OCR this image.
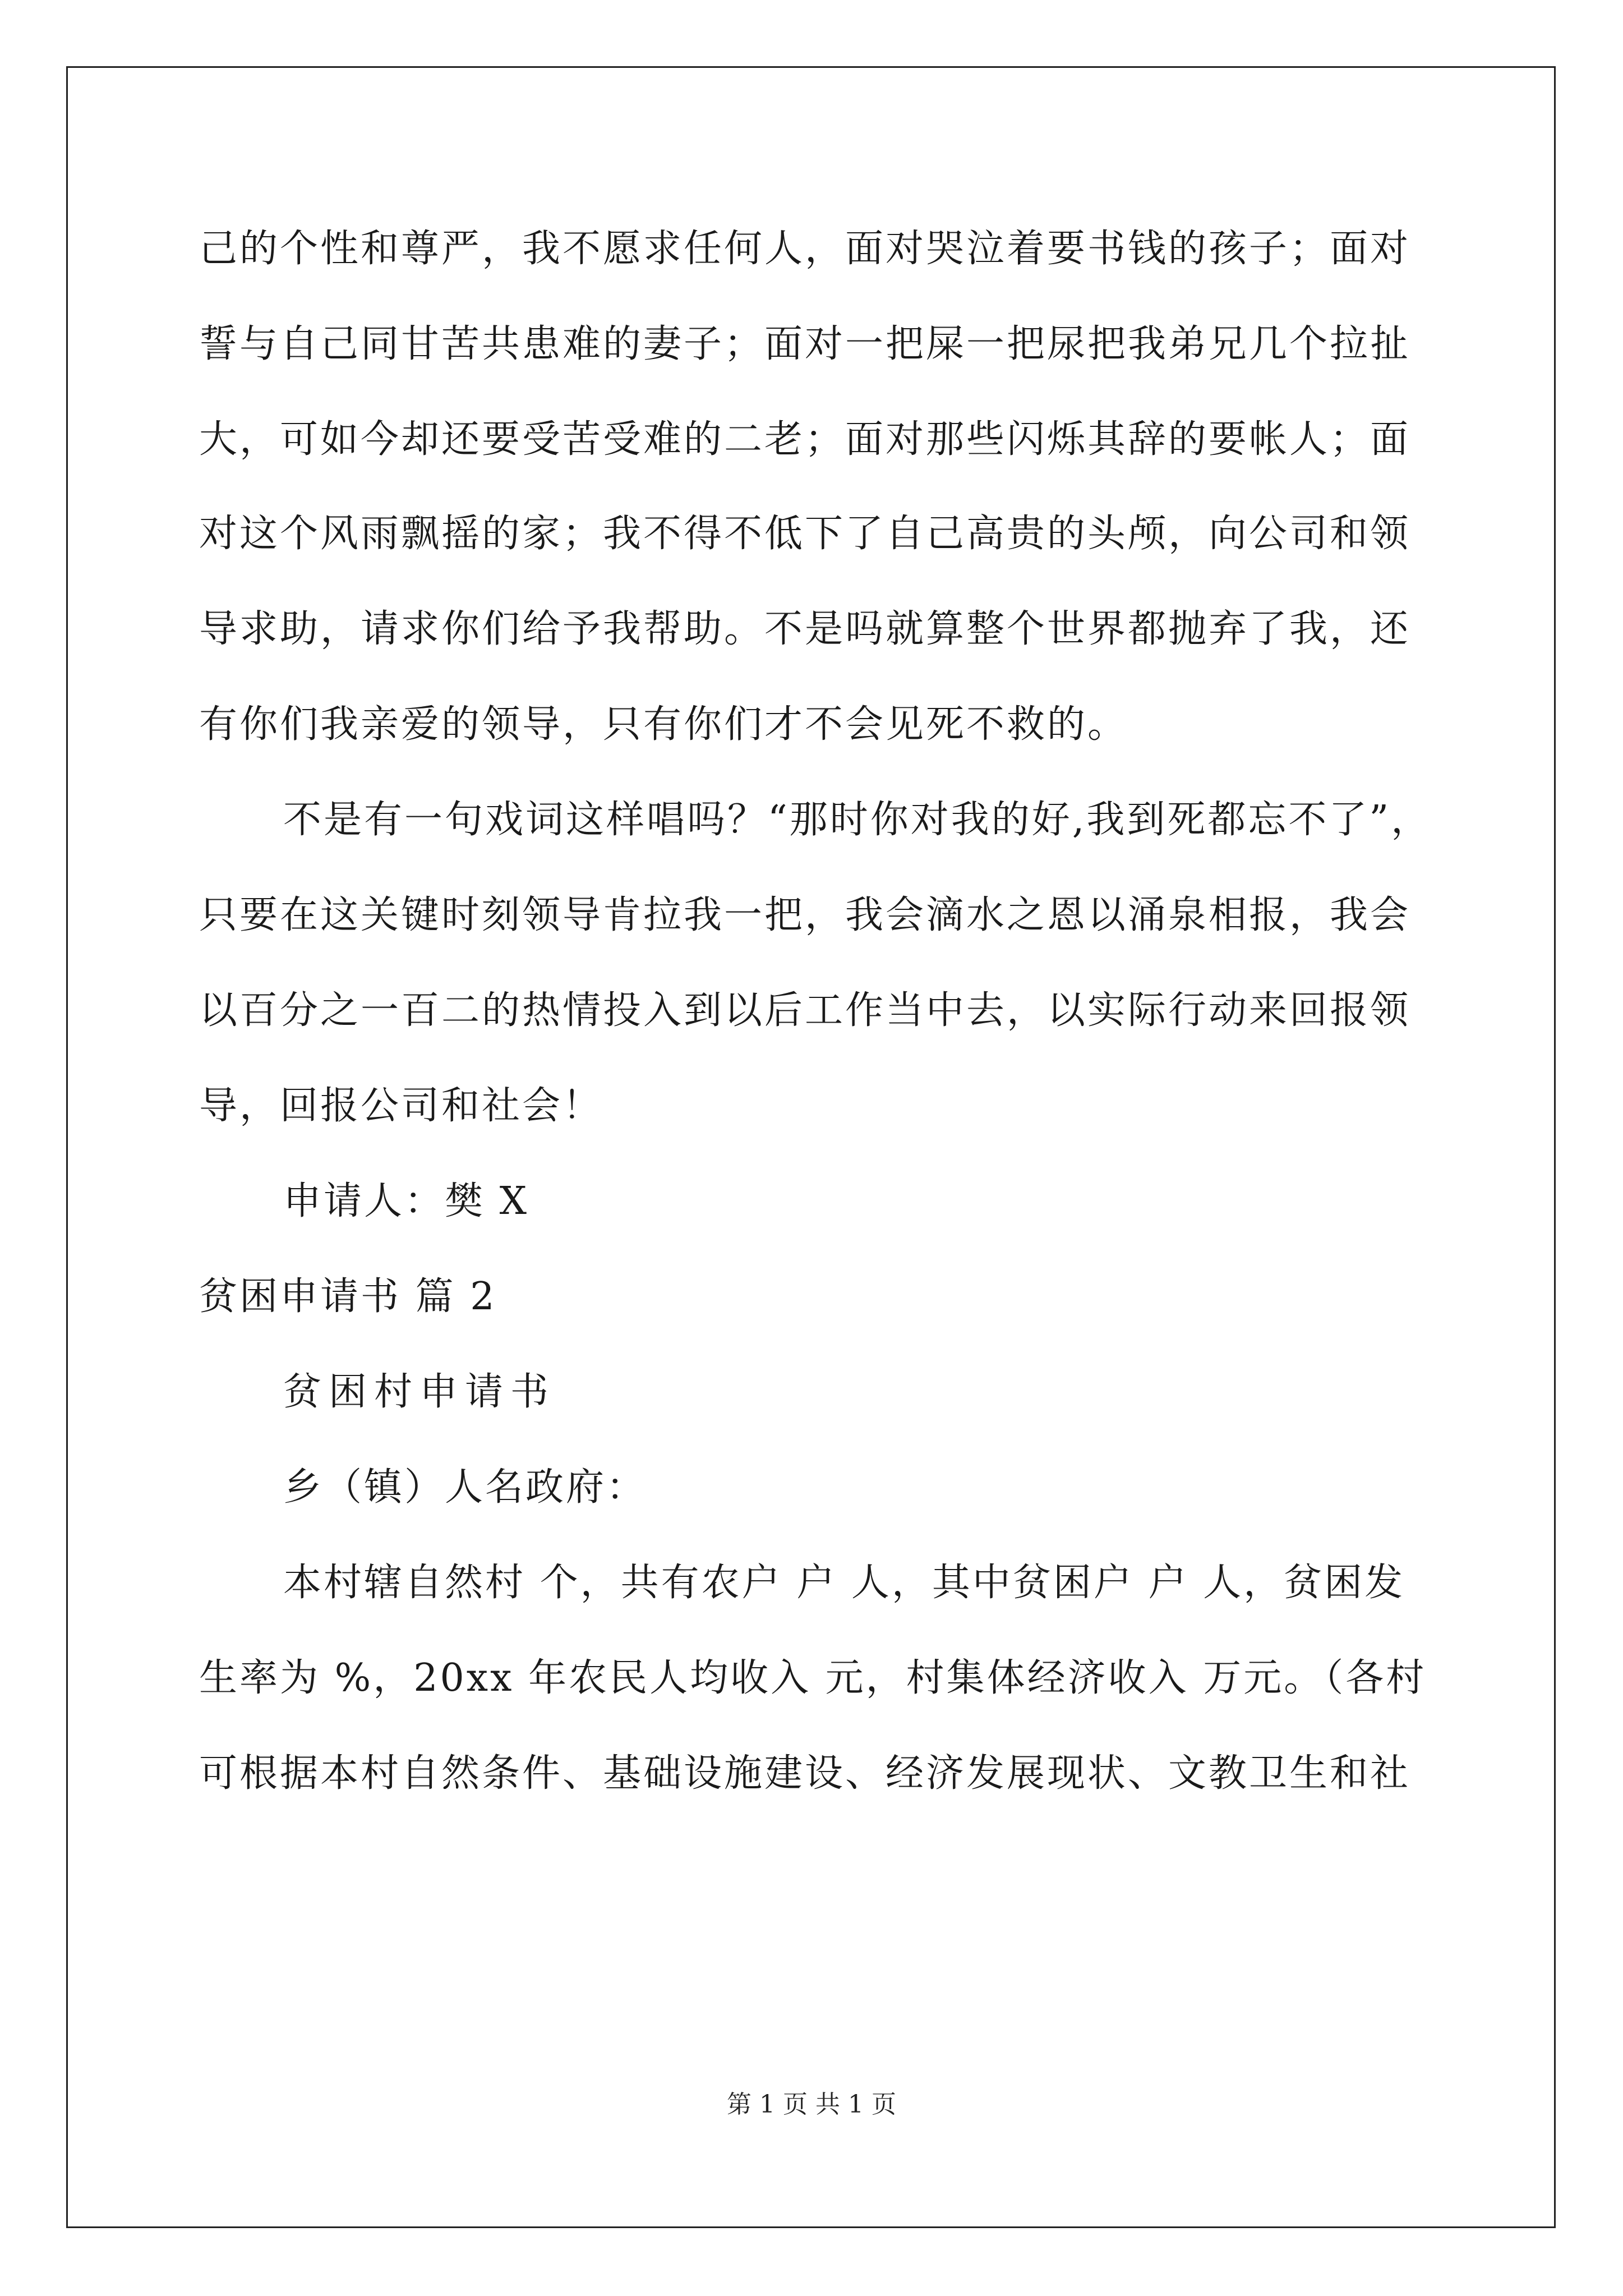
己的个性和尊严，我不愿求任何人，面对哭泣着要书钱的孩子；面对
誓与自己同甘苦共患难的妻子；面对一把屎一把尿把我弟兄几个拉扯
大，可如今却还要受苦受难的二老；面对那些闪烁其辞的要帐人；面
对这个风雨飘摇的家；我不得不低下了自己高贵的头颅，向公司和领
导求助，请求你们给予我帮助。不是吗就算整个世界都抛弃了我，还
有你们我亲爱的领导，只有你们才不会见死不救的。
不是有一句戏词这样唱吗？“那时你对我的好,我到死都忘不了”，
只要在这关键时刻领导肯拉我一把，我会滴水之恩以涌泉相报，我会
以百分之一百二的热情投入到以后工作当中去，以实际行动来回报领
导，回报公司和社会！
申请人：樊 X
贫困申请书 篇 2
贫困村申请书
乡（镇）人名政府：
本村辖自然村 个，共有农户 户 人，其中贫困户 户 人，贫困发
生率为 %，20xx 年农民人均收入 元，村集体经济收入 万元。（各村
可根据本村自然条件、基础设施建设、经济发展现状、文教卫生和社
第 1 页 共 1 页
